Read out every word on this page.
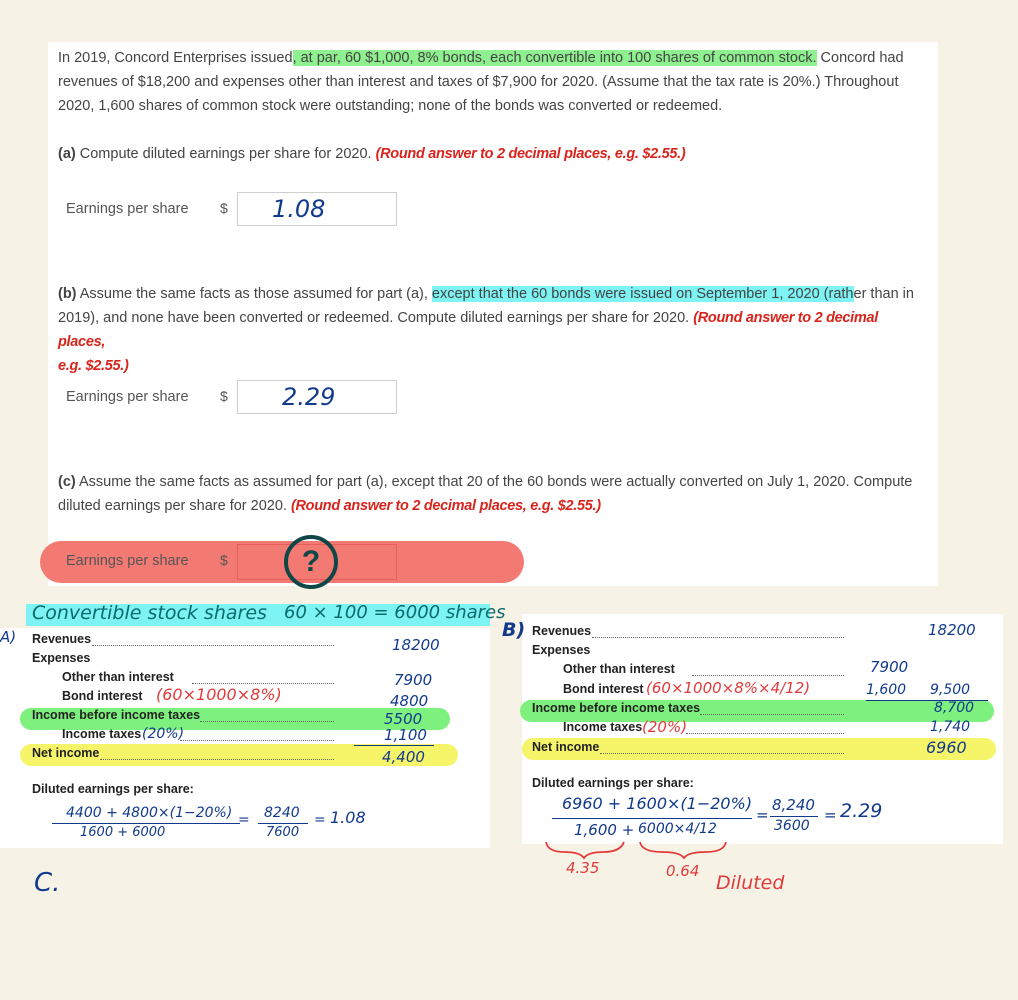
In 2019, Concord Enterprises issued, at par, 60 $1,000, 8% bonds, each convertible into 100 shares of common stock. Concord had
revenues of $18,200 and expenses other than interest and taxes of $7,900 for 2020. (Assume that the tax rate is 20%.) Throughout
2020, 1,600 shares of common stock were outstanding; none of the bonds was converted or redeemed.
(a) Compute diluted earnings per share for 2020. (Round answer to 2 decimal places, e.g. $2.55.)
Earnings per share $ 1.08
(b) Assume the same facts as those assumed for part (a), except that the 60 bonds were issued on September 1, 2020 (rather than in
2019), and none have been converted or redeemed. Compute diluted earnings per share for 2020. (Round answer to 2 decimal places,
e.g. $2.55.)
Earnings per share $ 2.29
(c) Assume the same facts as assumed for part (a), except that 20 of the 60 bonds were actually converted on July 1, 2020. Compute
diluted earnings per share for 2020. (Round answer to 2 decimal places, e.g. $2.55.)
Earnings per share $	?
Convertible stock shares 60 × 100 = 6000 shares
A) Revenues	18200
Expenses
Other than interest	7900
Bond interest (60×1000×8%)	4800
Income before income taxes	5500
Income taxes (20%)	1,100
Net income	4,400
Diluted earnings per share:
4400 + 4800×(1−20%)
1600 + 6000
= 8240
7600
= 1.08
B) Revenues	18200
Expenses
Other than interest	7900
Bond interest (60×1000×8%×4/12)	1,600 9,500
Income before income taxes	8,700
Income taxes (20%)	1,740
Net income	6960
Diluted earnings per share:
6960 + 1600×(1−20%)
1,600 + 6000×4/12
=
8,240
3600
= 2.29
4.35	0.64
Diluted
C.
